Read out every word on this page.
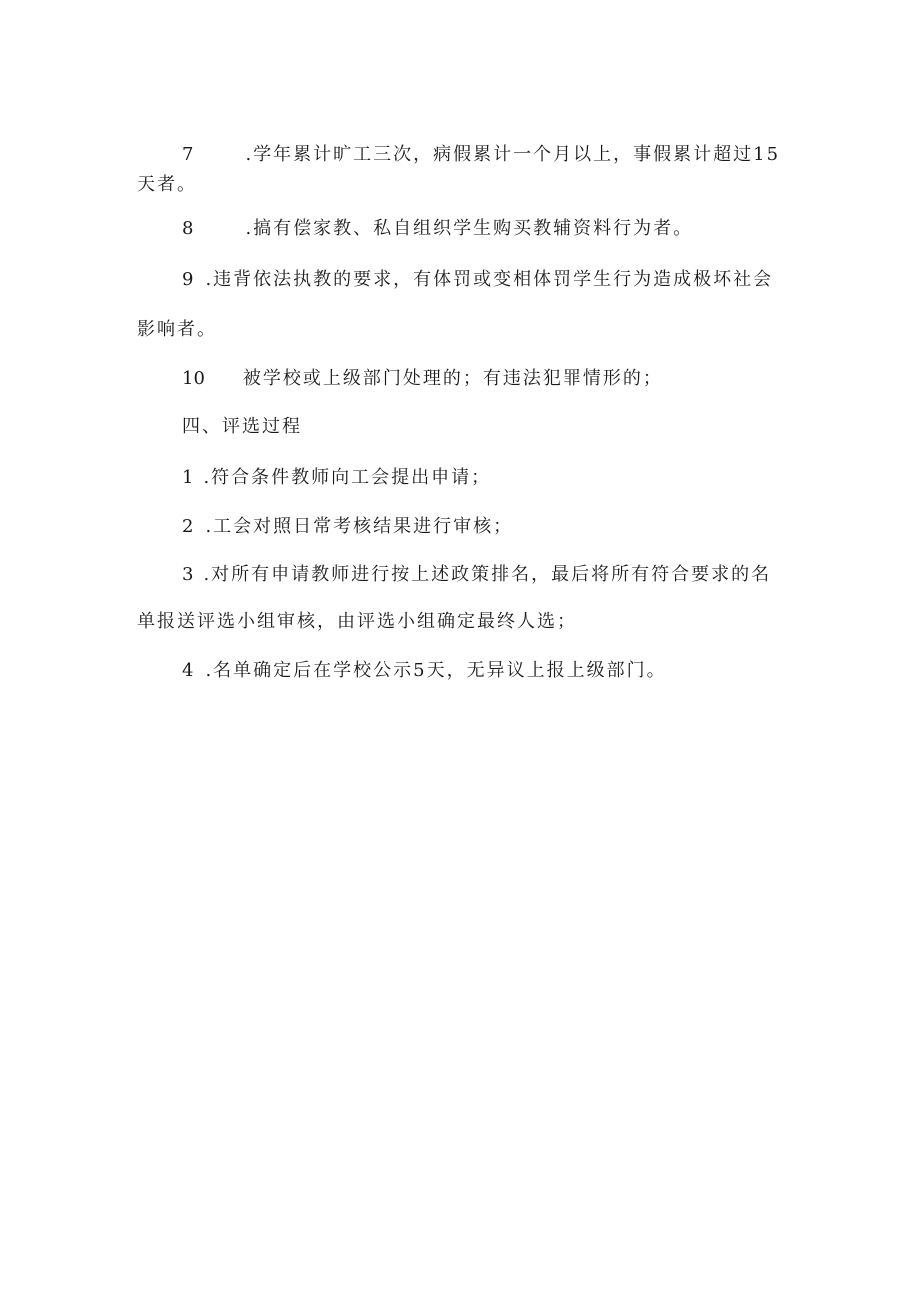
7	.学年累计旷工三次，病假累计一个月以上，事假累计超过15
天者。
8	.搞有偿家教、私自组织学生购买教辅资料行为者。
9 .违背依法执教的要求，有体罚或变相体罚学生行为造成极坏社会
影响者。
10 被学校或上级部门处理的；有违法犯罪情形的；
四、评选过程
1 .符合条件教师向工会提出申请；
2 .工会对照日常考核结果进行审核；
3 .对所有申请教师进行按上述政策排名，最后将所有符合要求的名
单报送评选小组审核，由评选小组确定最终人选；
4 .名单确定后在学校公示5天，无异议上报上级部门。
